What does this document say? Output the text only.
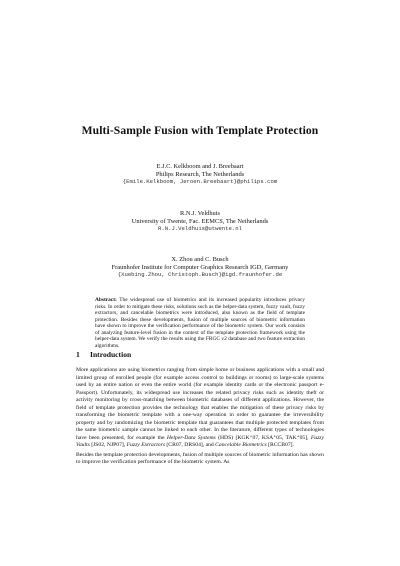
Multi-Sample Fusion with Template Protection
E.J.C. Kelkboom and J. Breebaart
Philips Research, The Netherlands
{Emile.Kelkboom, Jeroen.Breebaart}@philips.com
R.N.J. Veldhuis
University of Twente, Fac. EEMCS, The Netherlands
R.N.J.Veldhuis@utwente.nl
X. Zhou and C. Busch
Fraunhofer Institute for Computer Graphics Research IGD, Germany
{Xuebing.Zhou, Christoph.Busch}@igd.fraunhofer.de
Abstract: The widespread use of biometrics and its increased popularity introduces privacy risks. In order to mitigate these risks, solutions such as the helper-data system, fuzzy vault, fuzzy extractors, and cancelable biometrics were introduced, also known as the field of template protection. Besides these developments, fusion of multiple sources of biometric information have shown to improve the verification performance of the biometric system. Our work consists of analyzing feature-level fusion in the context of the template protection framework using the helper-data system. We verify the results using the FRGC v2 database and two feature extraction algorithms.
1 Introduction

More applications are using biometrics ranging from simple home or business applications with a small and limited group of enrolled people (for example access control to buildings or rooms) to large-scale systems used by an entire nation or even the entire world (for example identity cards or the electronic passport e-Passport). Unfortunately, its widespread use increases the related privacy risks such as identity theft or activity monitoring by cross-matching between biometric databases of different applications. However, the field of template protection provides the technology that enables the mitigation of these privacy risks by transforming the biometric template with a one-way operation in order to guarantee the irreversibility property and by randomizing the biometric template that guarantees that multiple protected templates from the same biometric sample cannot be linked to each other. In the literature, different types of technologies have been presented, for example the Helper-Data Systems (HDS) [KGK⁺07, KSA⁺05, TAK⁺05], Fuzzy Vaults [JS02, NJP07], Fuzzy Extractors [CR07, DRS04], and Cancelable Biometrics [RCCB07].

Besides the template protection developments, fusion of multiple sources of biometric information has shown to improve the verification performance of the biometric system. As
